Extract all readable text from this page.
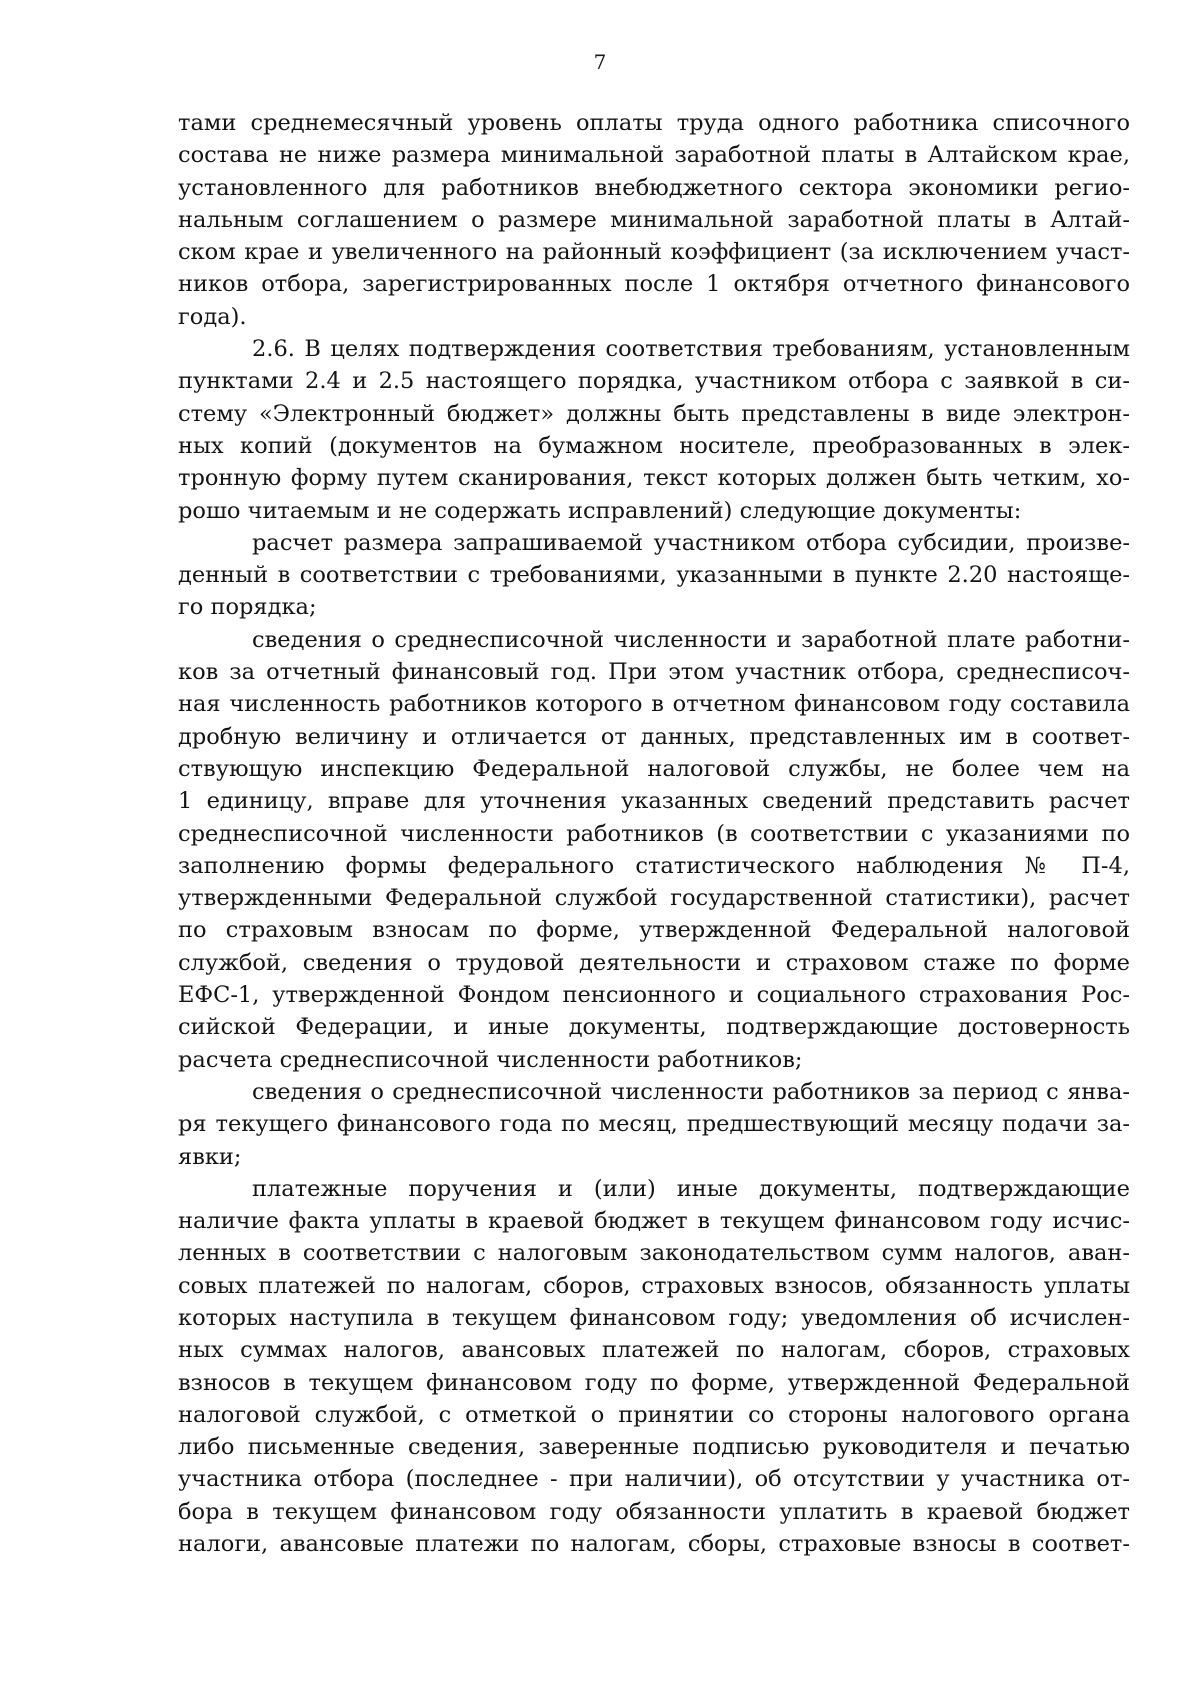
7
тами среднемесячный уровень оплаты труда одного работника списочного
состава не ниже размера минимальной заработной платы в Алтайском крае,
установленного для работников внебюджетного сектора экономики регио-
нальным соглашением о размере минимальной заработной платы в Алтай-
ском крае и увеличенного на районный коэффициент (за исключением участ-
ников отбора, зарегистрированных после 1 октября отчетного финансового
года).
2.6. В целях подтверждения соответствия требованиям, установленным
пунктами 2.4 и 2.5 настоящего порядка, участником отбора с заявкой в си-
стему «Электронный бюджет» должны быть представлены в виде электрон-
ных копий (документов на бумажном носителе, преобразованных в элек-
тронную форму путем сканирования, текст которых должен быть четким, хо-
рошо читаемым и не содержать исправлений) следующие документы:
расчет размера запрашиваемой участником отбора субсидии, произве-
денный в соответствии с требованиями, указанными в пункте 2.20 настояще-
го порядка;
сведения о среднесписочной численности и заработной плате работни-
ков за отчетный финансовый год. При этом участник отбора, среднесписоч-
ная численность работников которого в отчетном финансовом году составила
дробную величину и отличается от данных, представленных им в соответ-
ствующую инспекцию Федеральной налоговой службы, не более чем на
1 единицу, вправе для уточнения указанных сведений представить расчет
среднесписочной численности работников (в соответствии с указаниями по
заполнению формы федерального статистического наблюдения № П-4,
утвержденными Федеральной службой государственной статистики), расчет
по страховым взносам по форме, утвержденной Федеральной налоговой
службой, сведения о трудовой деятельности и страховом стаже по форме
ЕФС-1, утвержденной Фондом пенсионного и социального страхования Рос-
сийской Федерации, и иные документы, подтверждающие достоверность
расчета среднесписочной численности работников;
сведения о среднесписочной численности работников за период с янва-
ря текущего финансового года по месяц, предшествующий месяцу подачи за-
явки;
платежные поручения и (или) иные документы, подтверждающие
наличие факта уплаты в краевой бюджет в текущем финансовом году исчис-
ленных в соответствии с налоговым законодательством сумм налогов, аван-
совых платежей по налогам, сборов, страховых взносов, обязанность уплаты
которых наступила в текущем финансовом году; уведомления об исчислен-
ных суммах налогов, авансовых платежей по налогам, сборов, страховых
взносов в текущем финансовом году по форме, утвержденной Федеральной
налоговой службой, с отметкой о принятии со стороны налогового органа
либо письменные сведения, заверенные подписью руководителя и печатью
участника отбора (последнее - при наличии), об отсутствии у участника от-
бора в текущем финансовом году обязанности уплатить в краевой бюджет
налоги, авансовые платежи по налогам, сборы, страховые взносы в соответ-
